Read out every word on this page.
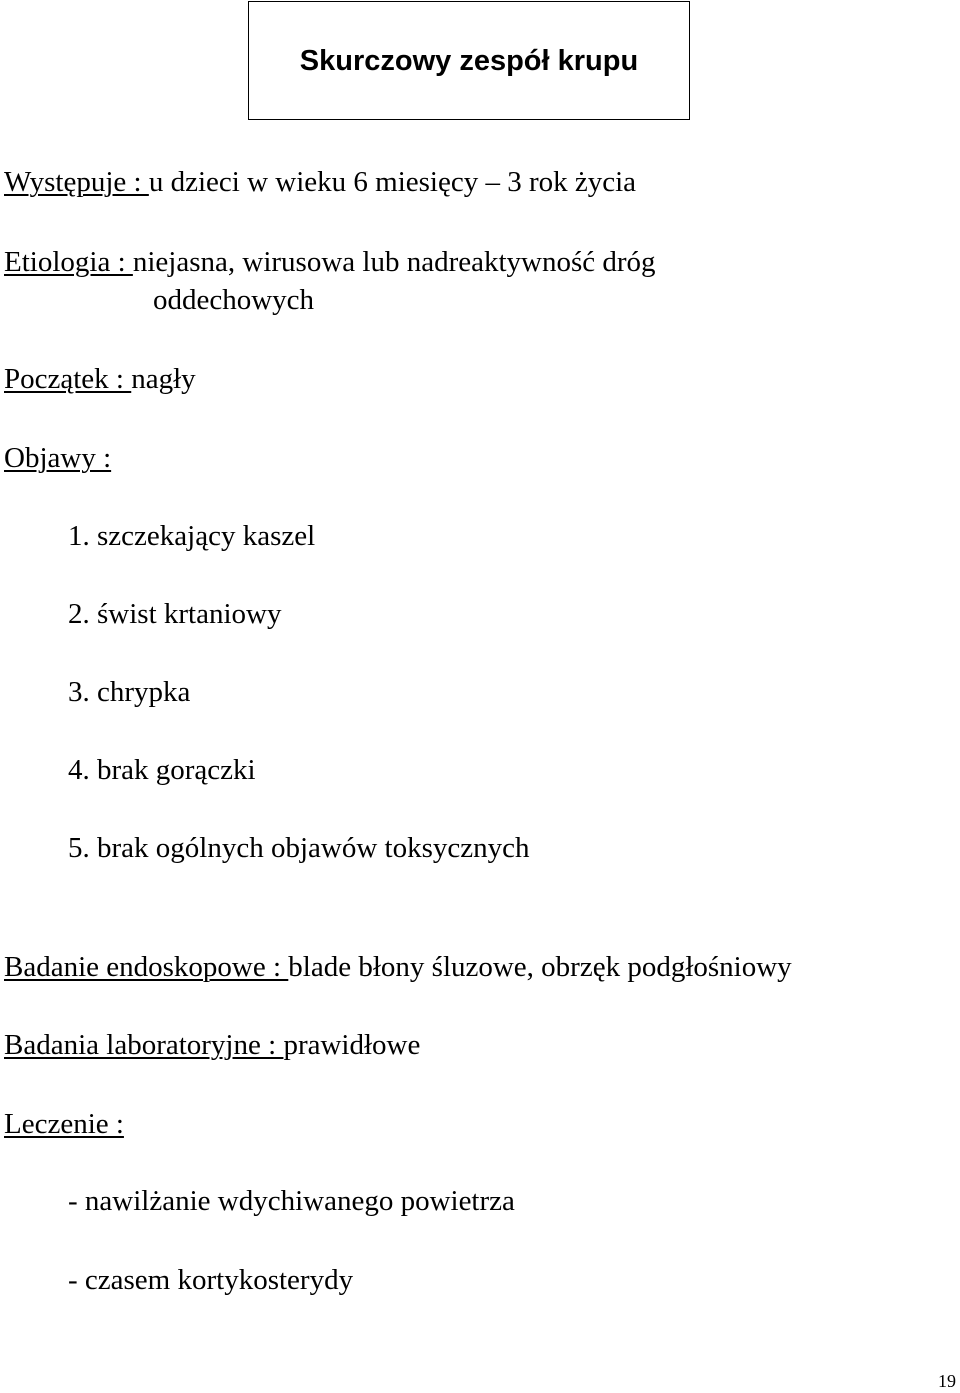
Skurczowy zespół krupu
Występuje : u dzieci w wieku 6 miesięcy – 3 rok życia
Etiologia : niejasna, wirusowa lub nadreaktywność dróg
oddechowych
Początek : nagły
Objawy :
1. szczekający kaszel
2. świst krtaniowy
3. chrypka
4. brak gorączki
5. brak ogólnych objawów toksycznych
Badanie endoskopowe : blade błony śluzowe, obrzęk podgłośniowy
Badania laboratoryjne : prawidłowe
Leczenie :
- nawilżanie wdychiwanego powietrza
- czasem kortykosterydy
19
